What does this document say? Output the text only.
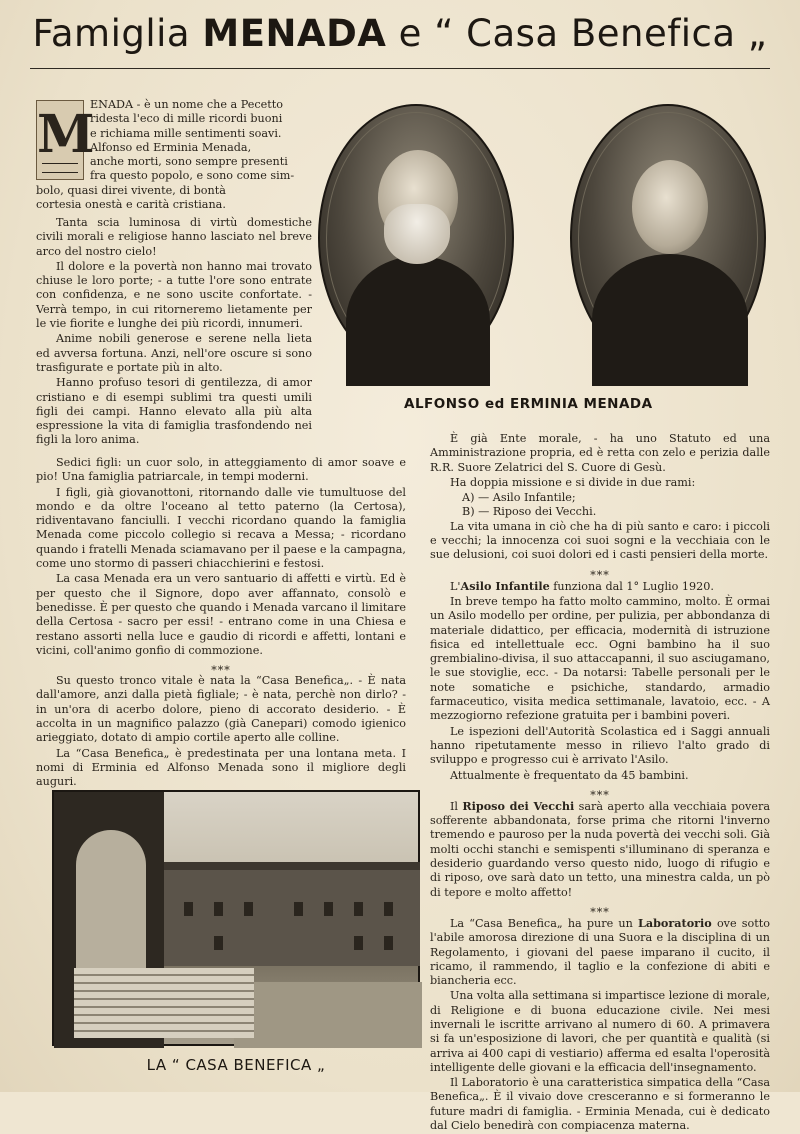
Famiglia MENADA e “ Casa Benefica „
M
ENADA - è un nome che a Pecetto
ridesta l'eco di mille ricordi buoni
e richiama mille sentimenti soavi.
Alfonso ed Erminia Menada,
anche morti, sono sempre presenti
fra questo popolo, e sono come sim-
bolo, quasi direi vivente, di bontà
cortesia onestà e carità cristiana.

Tanta scia luminosa di virtù domestiche civili morali e religiose hanno lasciato nel breve arco del nostro cielo!

Il dolore e la povertà non hanno mai trovato chiuse le loro porte; - a tutte l'ore sono entrate con confidenza, e ne sono uscite confortate. - Verrà tempo, in cui ritorneremo lietamente per le vie fiorite e lunghe dei più ricordi, innumeri.

Anime nobili generose e serene nella lieta ed avversa fortuna. Anzi, nell'ore oscure si sono trasfigurate e portate più in alto.

Hanno profuso tesori di gentilezza, di amor cristiano e di esempi sublimi tra questi umili figli dei campi. Hanno elevato alla più alta espressione la vita di famiglia trasfondendo nei figli la loro anima.

Sedici figli: un cuor solo, in atteggiamento di amor soave e pio! Una famiglia patriarcale, in tempi moderni.

I figli, già giovanottoni, ritornando dalle vie tumultuose del mondo e da oltre l'oceano al tetto paterno (la Certosa), ridiventavano fanciulli. I vecchi ricordano quando la famiglia Menada come piccolo collegio si recava a Messa; - ricordano quando i fratelli Menada sciamavano per il paese e la campagna, come uno stormo di passeri chiacchierini e festosi.

La casa Menada era un vero santuario di affetti e virtù. Ed è per questo che il Signore, dopo aver affannato, consolò e benedisse. È per questo che quando i Menada varcano il limitare della Certosa - sacro per essi! - entrano come in una Chiesa e restano assorti nella luce e gaudio di ricordi e affetti, lontani e vicini, coll'animo gonfio di commozione.

⁎⁎⁎

Su questo tronco vitale è nata la “Casa Benefica„. - È nata dall'amore, anzi dalla pietà figliale; - è nata, perchè non dirlo? - in un'ora di acerbo dolore, pieno di accorato desiderio. - È accolta in un magnifico palazzo (già Canepari) comodo igienico arieggiato, dotato di ampio cortile aperto alle colline.

La “Casa Benefica„ è predestinata per una lontana meta. I nomi di Erminia ed Alfonso Menada sono il migliore degli auguri.

ALFONSO ed ERMINIA MENADA

È già Ente morale, - ha uno Statuto ed una Amministrazione propria, ed è retta con zelo e perizia dalle R.R. Suore Zelatrici del S. Cuore di Gesù.

Ha doppia missione e si divide in due rami:

A) — Asilo Infantile;
B) — Riposo dei Vecchi.

La vita umana in ciò che ha di più santo e caro: i piccoli e vecchi; la innocenza coi suoi sogni e la vecchiaia con le sue delusioni, coi suoi dolori ed i casti pensieri della morte.

⁎⁎⁎

L'Asilo Infantile funziona dal 1° Luglio 1920.

In breve tempo ha fatto molto cammino, molto. È ormai un Asilo modello per ordine, per pulizia, per abbondanza di materiale didattico, per efficacia, modernità di istruzione fisica ed intellettuale ecc. Ogni bambino ha il suo grembialino-divisa, il suo attaccapanni, il suo asciugamano, le sue stoviglie, ecc. - Da notarsi: Tabelle personali per le note somatiche e psichiche, standardo, armadio farmaceutico, visita medica settimanale, lavatoio, ecc. - A mezzogiorno refezione gratuita per i bambini poveri.

Le ispezioni dell'Autorità Scolastica ed i Saggi annuali hanno ripetutamente messo in rilievo l'alto grado di sviluppo e progresso cui è arrivato l'Asilo.

Attualmente è frequentato da 45 bambini.

⁎⁎⁎

Il Riposo dei Vecchi sarà aperto alla vecchiaia povera sofferente abbandonata, forse prima che ritorni l'inverno tremendo e pauroso per la nuda povertà dei vecchi soli. Già molti occhi stanchi e semispenti s'illuminano di speranza e desiderio guardando verso questo nido, luogo di rifugio e di riposo, ove sarà dato un tetto, una minestra calda, un pò di tepore e molto affetto!

⁎⁎⁎

La “Casa Benefica„ ha pure un Laboratorio ove sotto l'abile amorosa direzione di una Suora e la disciplina di un Regolamento, i giovani del paese imparano il cucito, il ricamo, il rammendo, il taglio e la confezione di abiti e biancheria ecc.

Una volta alla settimana si impartisce lezione di morale, di Religione e di buona educazione civile. Nei mesi invernali le iscritte arrivano al numero di 60. A primavera si fa un'esposizione di lavori, che per quantità e qualità (si arriva ai 400 capi di vestiario) afferma ed esalta l'operosità intelligente delle giovani e la efficacia dell'insegnamento.

Il Laboratorio è una caratteristica simpatica della “Casa Benefica„. È il vivaio dove cresceranno e si formeranno le future madri di famiglia. - Erminia Menada, cui è dedicato dal Cielo benedirà con compiacenza materna.

LA “ CASA BENEFICA „
